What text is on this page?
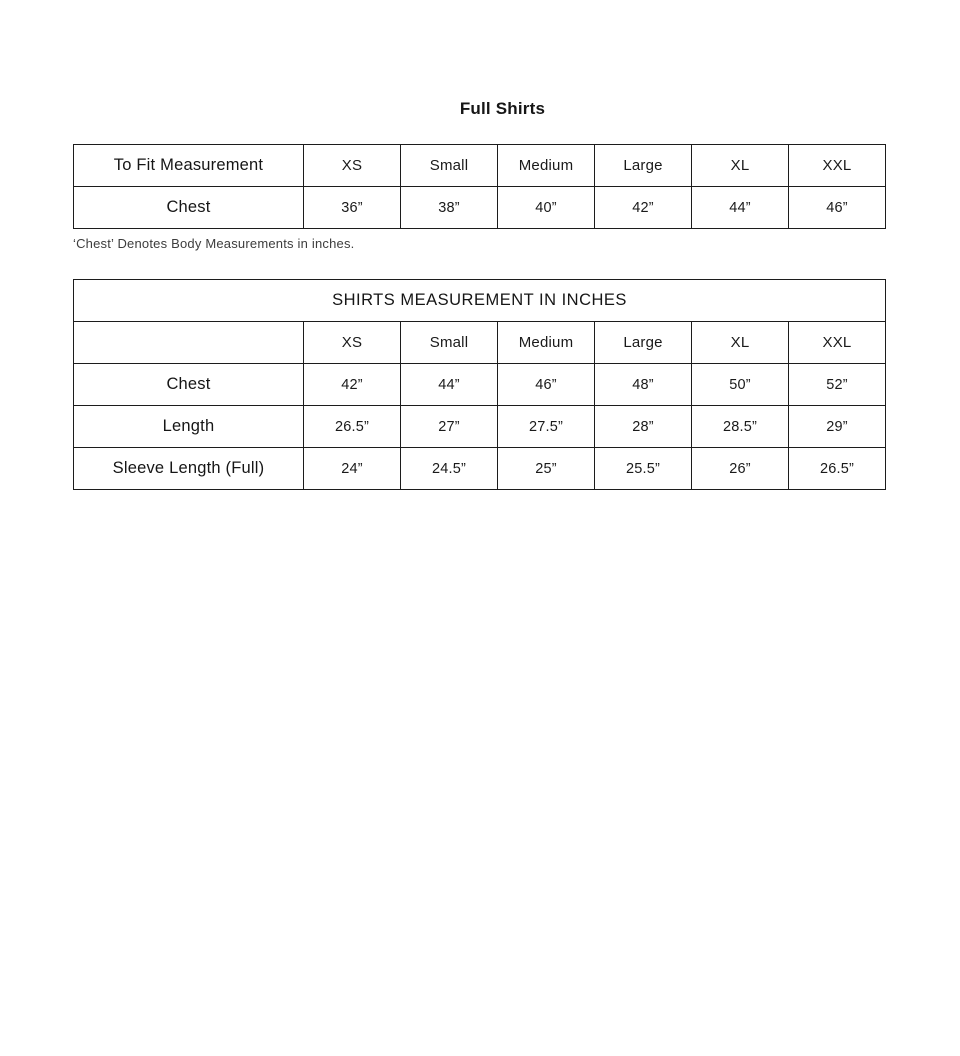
Full Shirts
To Fit Measurement	XS	Small	Medium	Large	XL	XXL
Chest	36”	38”	40”	42”	44”	46”
‘Chest’ Denotes Body Measurements in inches.
SHIRTS MEASUREMENT IN INCHES						
	XS	Small	Medium	Large	XL	XXL
Chest	42”	44”	46”	48”	50”	52”
Length	26.5”	27”	27.5”	28”	28.5”	29”
Sleeve Length (Full)	24”	24.5”	25”	25.5”	26”	26.5”
